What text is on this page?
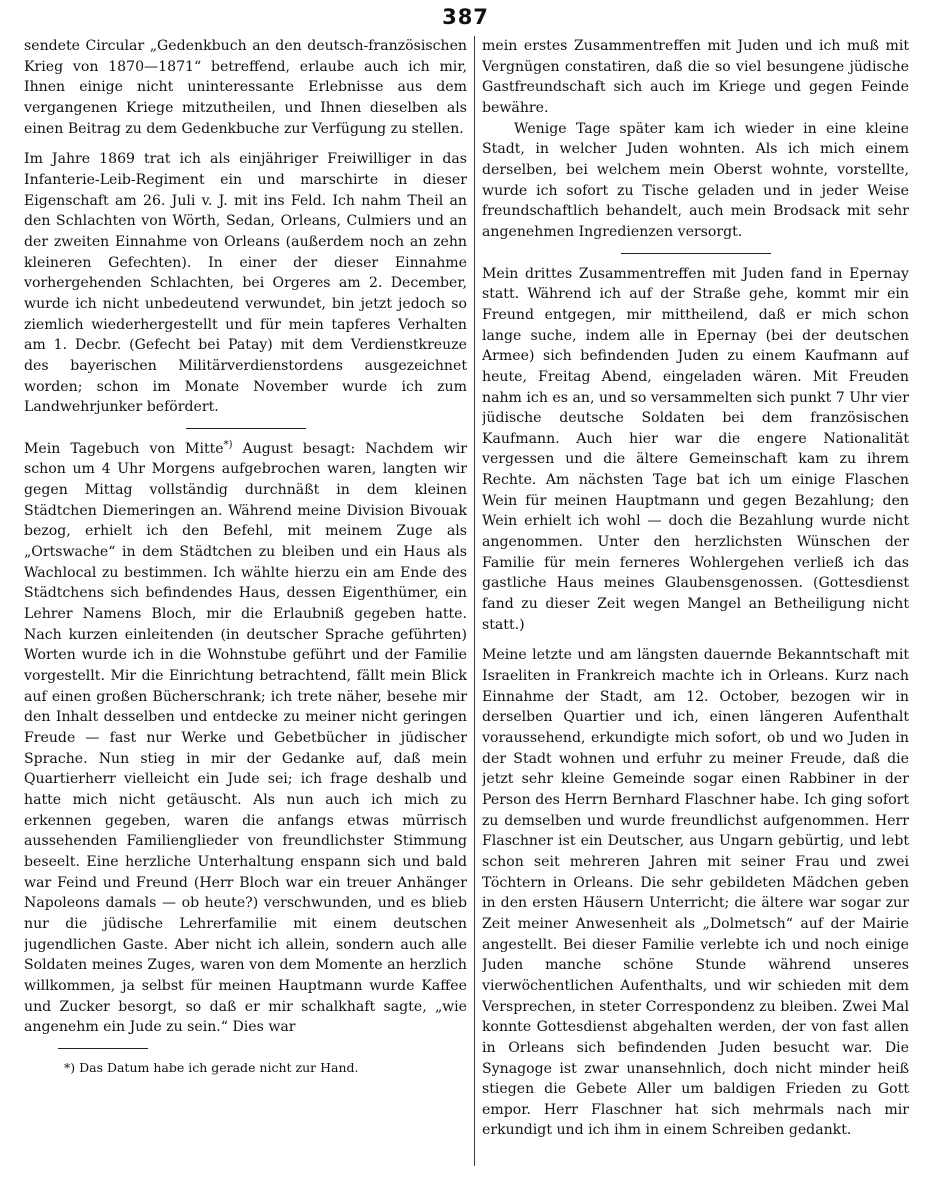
387

sendete Circular „Gedenkbuch an den deutsch-französischen Krieg von 1870—1871“ betreffend, erlaube auch ich mir, Ihnen einige nicht uninteressante Erlebnisse aus dem vergangenen Kriege mitzutheilen, und Ihnen dieselben als einen Beitrag zu dem Gedenkbuche zur Verfügung zu stellen.

Im Jahre 1869 trat ich als einjähriger Freiwilliger in das Infanterie-Leib-Regiment ein und marschirte in dieser Eigenschaft am 26. Juli v. J. mit ins Feld. Ich nahm Theil an den Schlachten von Wörth, Sedan, Orleans, Culmiers und an der zweiten Einnahme von Orleans (außerdem noch an zehn kleineren Gefechten). In einer der dieser Einnahme vorhergehenden Schlachten, bei Orgeres am 2. December, wurde ich nicht unbedeutend verwundet, bin jetzt jedoch so ziemlich wiederhergestellt und für mein tapferes Verhalten am 1. Decbr. (Gefecht bei Patay) mit dem Verdienstkreuze des bayerischen Militärverdienstordens ausgezeichnet worden; schon im Monate November wurde ich zum Landwehrjunker befördert.

Mein Tagebuch von Mitte*) August besagt: Nachdem wir schon um 4 Uhr Morgens aufgebrochen waren, langten wir gegen Mittag vollständig durchnäßt in dem kleinen Städtchen Diemeringen an. Während meine Division Bivouak bezog, erhielt ich den Befehl, mit meinem Zuge als „Ortswache“ in dem Städtchen zu bleiben und ein Haus als Wachlocal zu bestimmen. Ich wählte hierzu ein am Ende des Städtchens sich befindendes Haus, dessen Eigenthümer, ein Lehrer Namens Bloch, mir die Erlaubniß gegeben hatte. Nach kurzen einleitenden (in deutscher Sprache geführten) Worten wurde ich in die Wohnstube geführt und der Familie vorgestellt. Mir die Einrichtung betrachtend, fällt mein Blick auf einen großen Bücherschrank; ich trete näher, besehe mir den Inhalt desselben und entdecke zu meiner nicht geringen Freude — fast nur Werke und Gebetbücher in jüdischer Sprache. Nun stieg in mir der Gedanke auf, daß mein Quartierherr vielleicht ein Jude sei; ich frage deshalb und hatte mich nicht getäuscht. Als nun auch ich mich zu erkennen gegeben, waren die anfangs etwas mürrisch aussehenden Familienglieder von freundlichster Stimmung beseelt. Eine herzliche Unterhaltung enspann sich und bald war Feind und Freund (Herr Bloch war ein treuer Anhänger Napoleons damals — ob heute?) verschwunden, und es blieb nur die jüdische Lehrerfamilie mit einem deutschen jugendlichen Gaste. Aber nicht ich allein, sondern auch alle Soldaten meines Zuges, waren von dem Momente an herzlich willkommen, ja selbst für meinen Hauptmann wurde Kaffee und Zucker besorgt, so daß er mir schalkhaft sagte, „wie angenehm ein Jude zu sein.“ Dies war

*) Das Datum habe ich gerade nicht zur Hand.

mein erstes Zusammentreffen mit Juden und ich muß mit Vergnügen constatiren, daß die so viel besungene jüdische Gastfreundschaft sich auch im Kriege und gegen Feinde bewähre.

Wenige Tage später kam ich wieder in eine kleine Stadt, in welcher Juden wohnten. Als ich mich einem derselben, bei welchem mein Oberst wohnte, vorstellte, wurde ich sofort zu Tische geladen und in jeder Weise freundschaftlich behandelt, auch mein Brodsack mit sehr angenehmen Ingredienzen versorgt.

Mein drittes Zusammentreffen mit Juden fand in Epernay statt. Während ich auf der Straße gehe, kommt mir ein Freund entgegen, mir mittheilend, daß er mich schon lange suche, indem alle in Epernay (bei der deutschen Armee) sich befindenden Juden zu einem Kaufmann auf heute, Freitag Abend, eingeladen wären. Mit Freuden nahm ich es an, und so versammelten sich punkt 7 Uhr vier jüdische deutsche Soldaten bei dem französischen Kaufmann. Auch hier war die engere Nationalität vergessen und die ältere Gemeinschaft kam zu ihrem Rechte. Am nächsten Tage bat ich um einige Flaschen Wein für meinen Hauptmann und gegen Bezahlung; den Wein erhielt ich wohl — doch die Bezahlung wurde nicht angenommen. Unter den herzlichsten Wünschen der Familie für mein ferneres Wohlergehen verließ ich das gastliche Haus meines Glaubensgenossen. (Gottesdienst fand zu dieser Zeit wegen Mangel an Betheiligung nicht statt.)

Meine letzte und am längsten dauernde Bekanntschaft mit Israeliten in Frankreich machte ich in Orleans. Kurz nach Einnahme der Stadt, am 12. October, bezogen wir in derselben Quartier und ich, einen längeren Aufenthalt voraussehend, erkundigte mich sofort, ob und wo Juden in der Stadt wohnen und erfuhr zu meiner Freude, daß die jetzt sehr kleine Gemeinde sogar einen Rabbiner in der Person des Herrn Bernhard Flaschner habe. Ich ging sofort zu demselben und wurde freundlichst aufgenommen. Herr Flaschner ist ein Deutscher, aus Ungarn gebürtig, und lebt schon seit mehreren Jahren mit seiner Frau und zwei Töchtern in Orleans. Die sehr gebildeten Mädchen geben in den ersten Häusern Unterricht; die ältere war sogar zur Zeit meiner Anwesenheit als „Dolmetsch“ auf der Mairie angestellt. Bei dieser Familie verlebte ich und noch einige Juden manche schöne Stunde während unseres vierwöchentlichen Aufenthalts, und wir schieden mit dem Versprechen, in steter Correspondenz zu bleiben. Zwei Mal konnte Gottesdienst abgehalten werden, der von fast allen in Orleans sich befindenden Juden besucht war. Die Synagoge ist zwar unansehnlich, doch nicht minder heiß stiegen die Gebete Aller um baldigen Frieden zu Gott empor. Herr Flaschner hat sich mehrmals nach mir erkundigt und ich ihm in einem Schreiben gedankt.
